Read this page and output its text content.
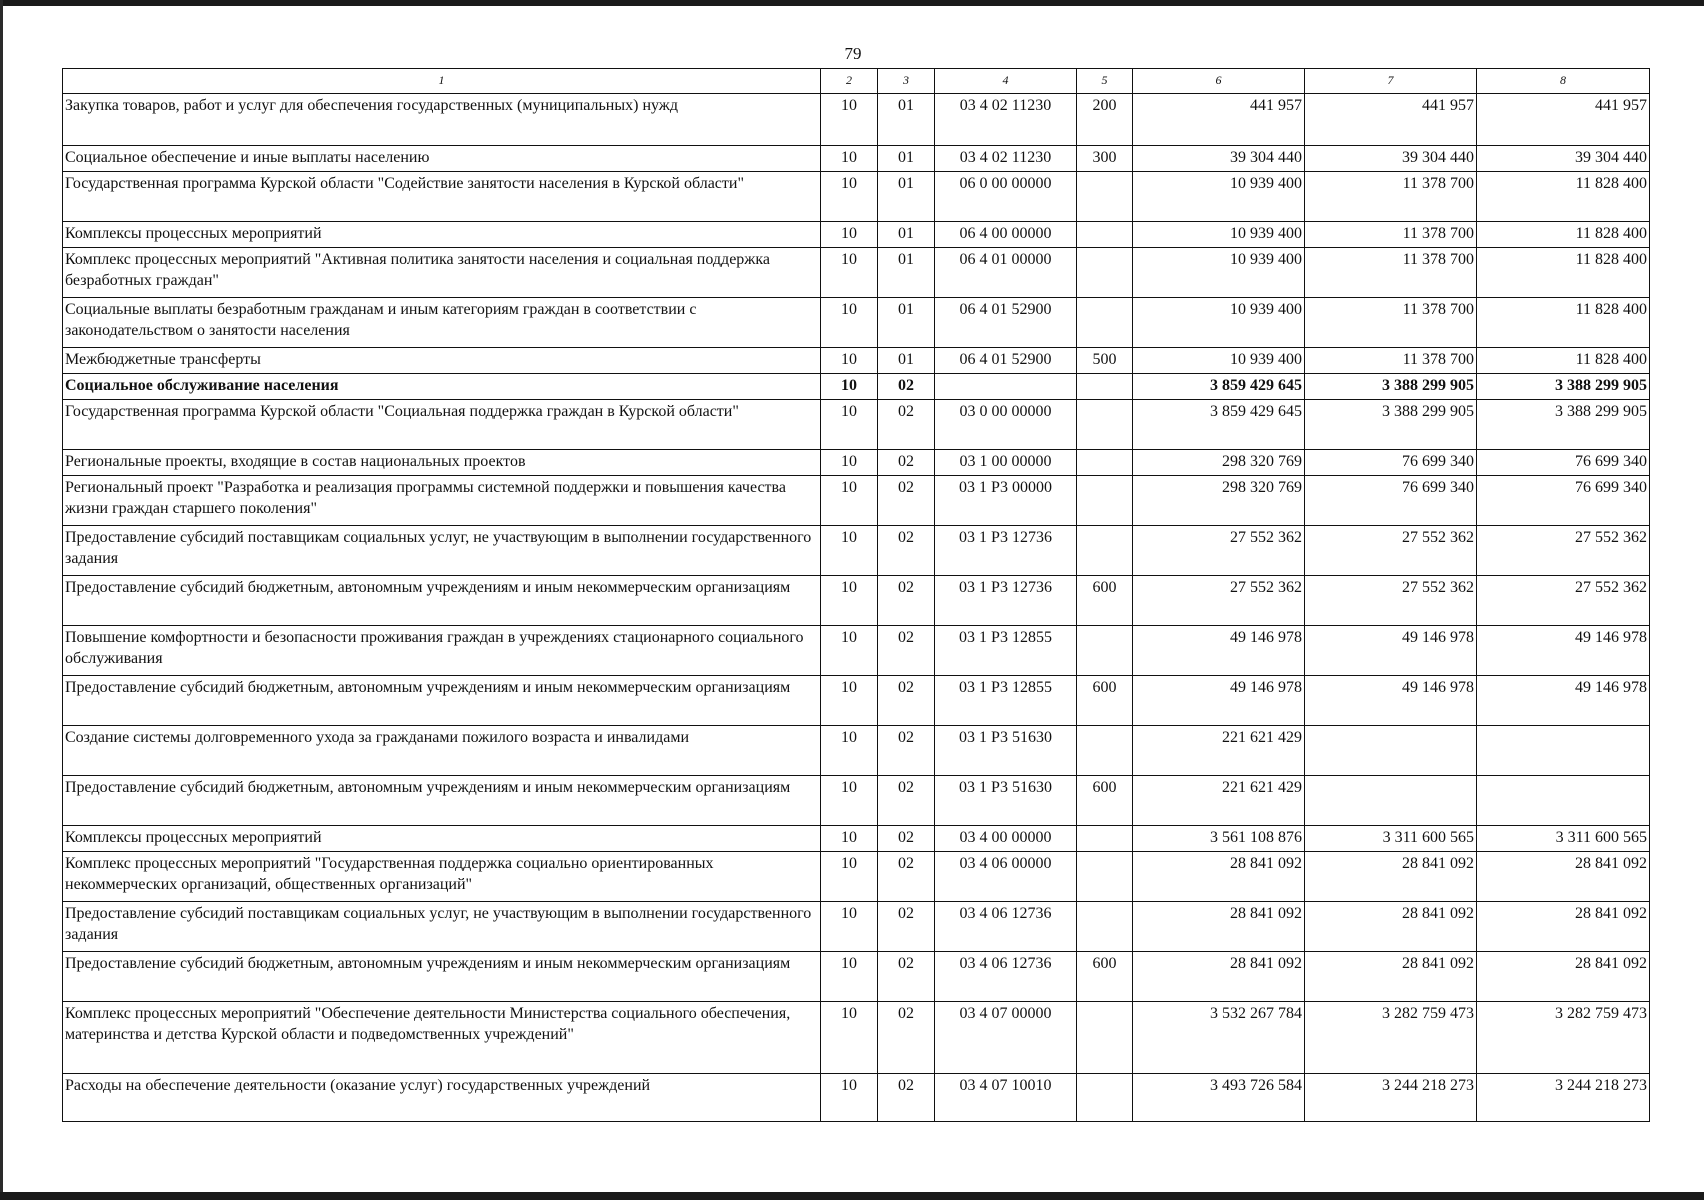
79
1	2	3	4	5	6	7	8
Закупка товаров, работ и услуг для обеспечения государственных (муниципальных) нужд	10	01	03 4 02 11230	200	441 957	441 957	441 957
Социальное обеспечение и иные выплаты населению	10	01	03 4 02 11230	300	39 304 440	39 304 440	39 304 440
Государственная программа Курской области "Содействие занятости населения в Курской области"	10	01	06 0 00 00000		10 939 400	11 378 700	11 828 400
Комплексы процессных мероприятий	10	01	06 4 00 00000		10 939 400	11 378 700	11 828 400
Комплекс процессных мероприятий "Активная политика занятости населения и социальная поддержка безработных граждан"	10	01	06 4 01 00000		10 939 400	11 378 700	11 828 400
Социальные выплаты безработным гражданам и иным категориям граждан в соответствии с законодательством о занятости населения	10	01	06 4 01 52900		10 939 400	11 378 700	11 828 400
Межбюджетные трансферты	10	01	06 4 01 52900	500	10 939 400	11 378 700	11 828 400
Социальное обслуживание населения	10	02			3 859 429 645	3 388 299 905	3 388 299 905
Государственная программа Курской области "Социальная поддержка граждан в Курской области"	10	02	03 0 00 00000		3 859 429 645	3 388 299 905	3 388 299 905
Региональные проекты, входящие в состав национальных проектов	10	02	03 1 00 00000		298 320 769	76 699 340	76 699 340
Региональный проект "Разработка и реализация программы системной поддержки и повышения качества жизни граждан старшего поколения"	10	02	03 1 P3 00000		298 320 769	76 699 340	76 699 340
Предоставление субсидий поставщикам социальных услуг, не участвующим в выполнении государственного задания	10	02	03 1 P3 12736		27 552 362	27 552 362	27 552 362
Предоставление субсидий бюджетным, автономным учреждениям и иным некоммерческим организациям	10	02	03 1 P3 12736	600	27 552 362	27 552 362	27 552 362
Повышение комфортности и безопасности проживания граждан в учреждениях стационарного социального обслуживания	10	02	03 1 P3 12855		49 146 978	49 146 978	49 146 978
Предоставление субсидий бюджетным, автономным учреждениям и иным некоммерческим организациям	10	02	03 1 P3 12855	600	49 146 978	49 146 978	49 146 978
Создание системы долговременного ухода за гражданами пожилого возраста и инвалидами	10	02	03 1 P3 51630		221 621 429		
Предоставление субсидий бюджетным, автономным учреждениям и иным некоммерческим организациям	10	02	03 1 P3 51630	600	221 621 429		
Комплексы процессных мероприятий	10	02	03 4 00 00000		3 561 108 876	3 311 600 565	3 311 600 565
Комплекс процессных мероприятий "Государственная поддержка социально ориентированных некоммерческих организаций, общественных организаций"	10	02	03 4 06 00000		28 841 092	28 841 092	28 841 092
Предоставление субсидий поставщикам социальных услуг, не участвующим в выполнении государственного задания	10	02	03 4 06 12736		28 841 092	28 841 092	28 841 092
Предоставление субсидий бюджетным, автономным учреждениям и иным некоммерческим организациям	10	02	03 4 06 12736	600	28 841 092	28 841 092	28 841 092
Комплекс процессных мероприятий "Обеспечение деятельности Министерства социального обеспечения, материнства и детства Курской области и подведомственных учреждений"	10	02	03 4 07 00000		3 532 267 784	3 282 759 473	3 282 759 473
Расходы на обеспечение деятельности (оказание услуг) государственных учреждений	10	02	03 4 07 10010		3 493 726 584	3 244 218 273	3 244 218 273
